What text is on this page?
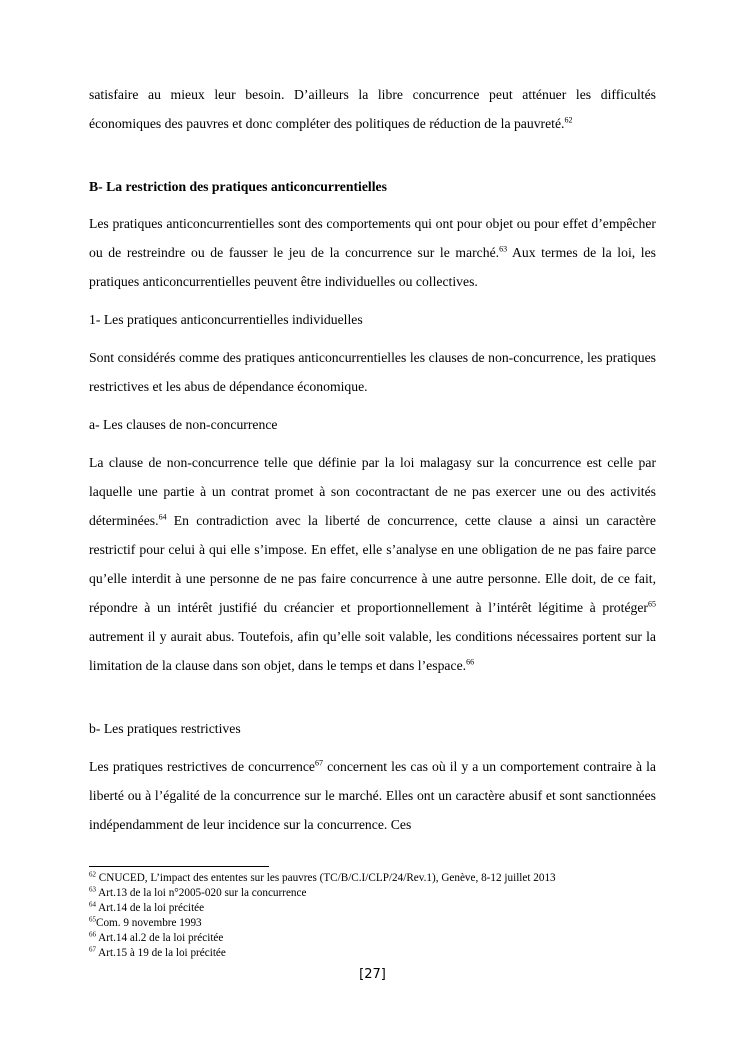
satisfaire au mieux leur besoin. D’ailleurs la libre concurrence peut atténuer les difficultés économiques des pauvres et donc compléter des politiques de réduction de la pauvreté.$^{62}$

B- La restriction des pratiques anticoncurrentielles

Les pratiques anticoncurrentielles sont des comportements qui ont pour objet ou pour effet d’empêcher ou de restreindre ou de fausser le jeu de la concurrence sur le marché.$^{63}$ Aux termes de la loi, les pratiques anticoncurrentielles peuvent être individuelles ou collectives.

1- Les pratiques anticoncurrentielles individuelles

Sont considérés comme des pratiques anticoncurrentielles les clauses de non-concurrence, les pratiques restrictives et les abus de dépendance économique.

a- Les clauses de non-concurrence

La clause de non-concurrence telle que définie par la loi malagasy sur la concurrence est celle par laquelle une partie à un contrat promet à son cocontractant de ne pas exercer une ou des activités déterminées.$^{64}$ En contradiction avec la liberté de concurrence, cette clause a ainsi un caractère restrictif pour celui à qui elle s’impose. En effet, elle s’analyse en une obligation de ne pas faire parce qu’elle interdit à une personne de ne pas faire concurrence à une autre personne. Elle doit, de ce fait, répondre à un intérêt justifié du créancier et proportionnellement à l’intérêt légitime à protéger$^{65}$ autrement il y aurait abus. Toutefois, afin qu’elle soit valable, les conditions nécessaires portent sur la limitation de la clause dans son objet, dans le temps et dans l’espace.$^{66}$

b- Les pratiques restrictives

Les pratiques restrictives de concurrence$^{67}$ concernent les cas où il y a un comportement contraire à la liberté ou à l’égalité de la concurrence sur le marché. Elles ont un caractère abusif et sont sanctionnées indépendamment de leur incidence sur la concurrence. Ces

$^{62}$ CNUCED, L’impact des ententes sur les pauvres (TC/B/C.I/CLP/24/Rev.1), Genève, 8-12 juillet 2013
$^{63}$ Art.13 de la loi n°2005-020 sur la concurrence
$^{64}$ Art.14 de la loi précitée
$^{65}$Com. 9 novembre 1993
$^{66}$ Art.14 al.2 de la loi précitée
$^{67}$ Art.15 à 19 de la loi précitée
[27]
